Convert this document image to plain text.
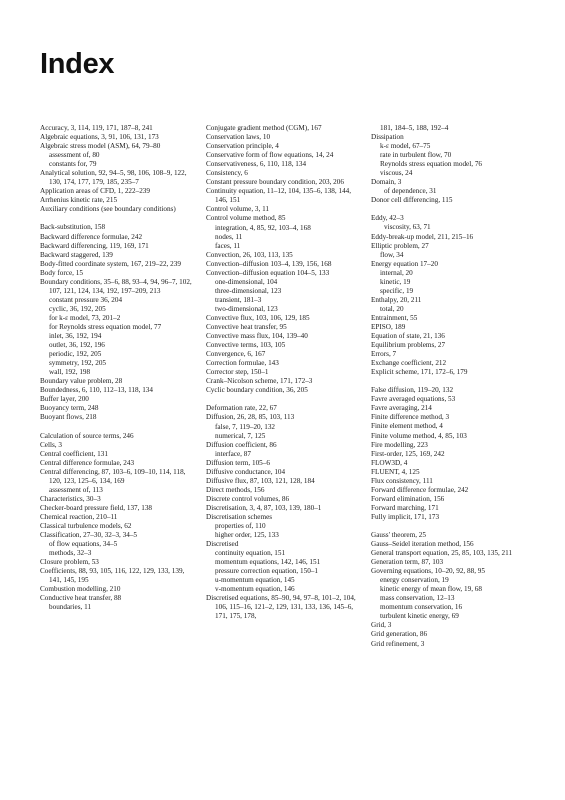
Index
Accuracy, 3, 114, 119, 171, 187–8, 241
Algebraic equations, 3, 91, 106, 131, 173
Algebraic stress model (ASM), 64, 79–80
assessment of, 80
constants for, 79
Analytical solution, 92, 94–5, 98, 106, 108–9, 122, 130, 174, 177, 179, 185, 235–7
Application areas of CFD, 1, 222–239
Arrhenius kinetic rate, 215
Auxiliary conditions (see boundary conditions)
Back-substitution, 158
Backward difference formulae, 242
Backward differencing, 119, 169, 171
Backward staggered, 139
Body-fitted coordinate system, 167, 219–22, 239
Body force, 15
Boundary conditions, 35–6, 88, 93–4, 94, 96–7, 102, 107, 121, 124, 134, 192, 197–209, 213
constant pressure 36, 204
cyclic, 36, 192, 205
for k-ε model, 73, 201–2
for Reynolds stress equation model, 77
inlet, 36, 192, 194
outlet, 36, 192, 196
periodic, 192, 205
symmetry, 192, 205
wall, 192, 198
Boundary value problem, 28
Boundedness, 6, 110, 112–13, 118, 134
Buffer layer, 200
Buoyancy term, 248
Buoyant flows, 218
Calculation of source terms, 246
Cells, 3
Central coefficient, 131
Central difference formulae, 243
Central differencing, 87, 103–6, 109–10, 114, 118, 120, 123, 125–6, 134, 169
assessment of, 113
Characteristics, 30–3
Checker-board pressure field, 137, 138
Chemical reaction, 210–11
Classical turbulence models, 62
Classification, 27–30, 32–3, 34–5
of flow equations, 34–5
methods, 32–3
Closure problem, 53
Coefficients, 88, 93, 105, 116, 122, 129, 133, 139, 141, 145, 195
Combustion modelling, 210
Conductive heat transfer, 88
boundaries, 11
Conjugate gradient method (CGM), 167
Conservation laws, 10
Conservation principle, 4
Conservative form of flow equations, 14, 24
Conservativeness, 6, 110, 118, 134
Consistency, 6
Constant pressure boundary condition, 203, 206
Continuity equation, 11–12, 104, 135–6, 138, 144, 146, 151
Control volume, 3, 11
Control volume method, 85
integration, 4, 85, 92, 103–4, 168
nodes, 11
faces, 11
Convection, 26, 103, 113, 135
Convection–diffusion 103–4, 139, 156, 168
Convection–diffusion equation 104–5, 133
one-dimensional, 104
three-dimensional, 123
transient, 181–3
two-dimensional, 123
Convective flux, 103, 106, 129, 185
Convective heat transfer, 95
Convective mass flux, 104, 139–40
Convective terms, 103, 105
Convergence, 6, 167
Correction formulae, 143
Corrector step, 150–1
Crank–Nicolson scheme, 171, 172–3
Cyclic boundary condition, 36, 205
Deformation rate, 22, 67
Diffusion, 26, 28, 85, 103, 113
false, 7, 119–20, 132
numerical, 7, 125
Diffusion coefficient, 86
interface, 87
Diffusion term, 105–6
Diffusive conductance, 104
Diffusive flux, 87, 103, 121, 128, 184
Direct methods, 156
Discrete control volumes, 86
Discretisation, 3, 4, 87, 103, 139, 180–1
Discretisation schemes
properties of, 110
higher order, 125, 133
Discretised
continuity equation, 151
momentum equations, 142, 146, 151
pressure correction equation, 150–1
u-momentum equation, 145
v-momentum equation, 146
Discretised equations, 85–90, 94, 97–8, 101–2, 104, 106, 115–16, 121–2, 129, 131, 133, 136, 145–6, 171, 175, 178,
181, 184–5, 188, 192–4
Dissipation
k-ε model, 67–75
rate in turbulent flow, 70
Reynolds stress equation model, 76
viscous, 24
Domain, 3
of dependence, 31
Donor cell differencing, 115
Eddy, 42–3
viscosity, 63, 71
Eddy-break-up model, 211, 215–16
Elliptic problem, 27
flow, 34
Energy equation 17–20
internal, 20
kinetic, 19
specific, 19
Enthalpy, 20, 211
total, 20
Entrainment, 55
EPISO, 189
Equation of state, 21, 136
Equilibrium problems, 27
Errors, 7
Exchange coefficient, 212
Explicit scheme, 171, 172–6, 179
False diffusion, 119–20, 132
Favre averaged equations, 53
Favre averaging, 214
Finite difference method, 3
Finite element method, 4
Finite volume method, 4, 85, 103
Fire modelling, 223
First-order, 125, 169, 242
FLOW3D, 4
FLUENT, 4, 125
Flux consistency, 111
Forward difference formulae, 242
Forward elimination, 156
Forward marching, 171
Fully implicit, 171, 173
Gauss' theorem, 25
Gauss–Seidel iteration method, 156
General transport equation, 25, 85, 103, 135, 211
Generation term, 87, 103
Governing equations, 10–20, 92, 88, 95
energy conservation, 19
kinetic energy of mean flow, 19, 68
mass conservation, 12–13
momentum conservation, 16
turbulent kinetic energy, 69
Grid, 3
Grid generation, 86
Grid refinement, 3
